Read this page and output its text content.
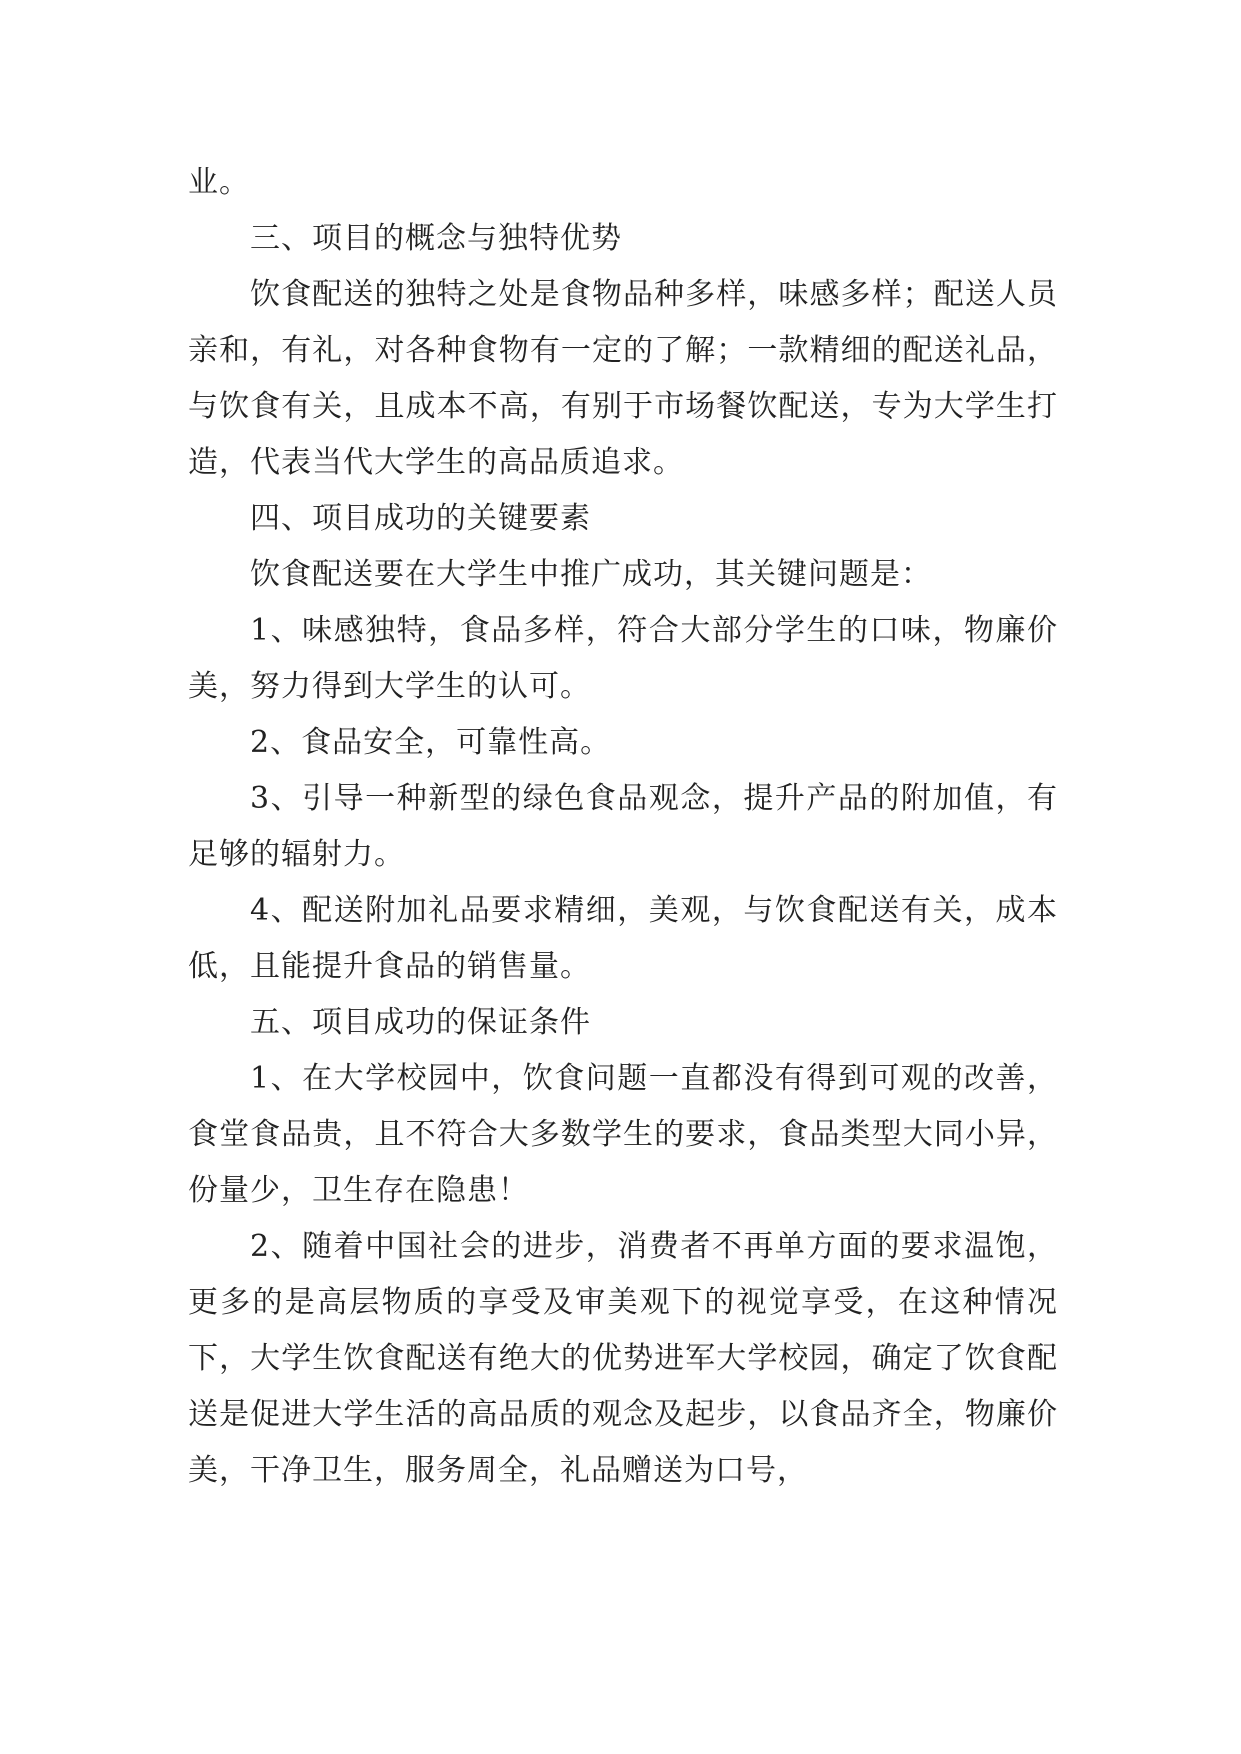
业。

三、项目的概念与独特优势

饮食配送的独特之处是食物品种多样，味感多样；配送人员亲和，有礼，对各种食物有一定的了解；一款精细的配送礼品，与饮食有关，且成本不高，有别于市场餐饮配送，专为大学生打造，代表当代大学生的高品质追求。

四、项目成功的关键要素

饮食配送要在大学生中推广成功，其关键问题是：

1、味感独特，食品多样，符合大部分学生的口味，物廉价美，努力得到大学生的认可。

2、食品安全，可靠性高。

3、引导一种新型的绿色食品观念，提升产品的附加值，有足够的辐射力。

4、配送附加礼品要求精细，美观，与饮食配送有关，成本低，且能提升食品的销售量。

五、项目成功的保证条件

1、在大学校园中，饮食问题一直都没有得到可观的改善，食堂食品贵，且不符合大多数学生的要求，食品类型大同小异，份量少，卫生存在隐患！

2、随着中国社会的进步，消费者不再单方面的要求温饱，更多的是高层物质的享受及审美观下的视觉享受，在这种情况下，大学生饮食配送有绝大的优势进军大学校园，确定了饮食配送是促进大学生活的高品质的观念及起步，以食品齐全，物廉价美，干净卫生，服务周全，礼品赠送为口号，
